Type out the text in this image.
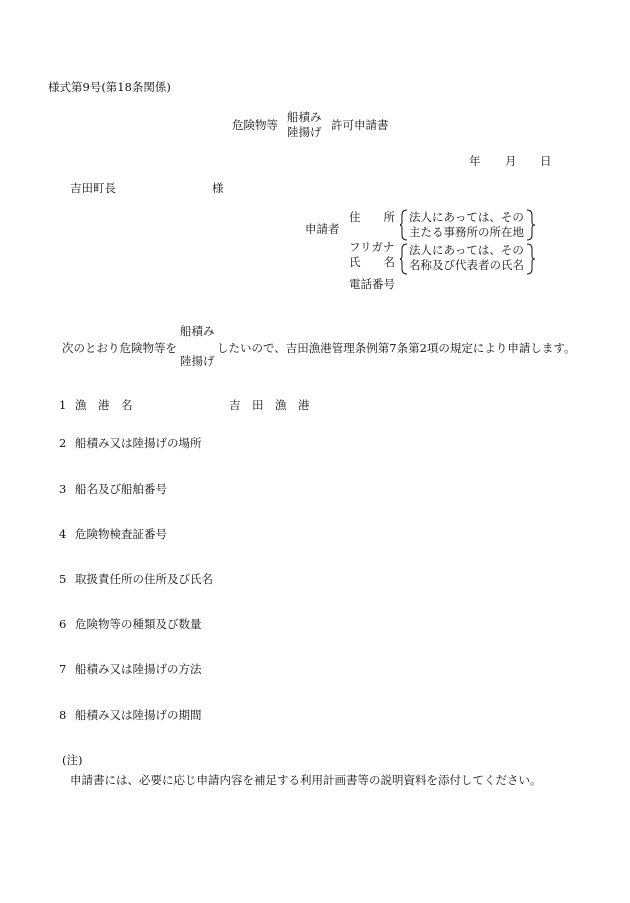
様式第9号(第18条関係)
危険物等
船積み
陸揚げ 許可申請書
年 月 日
吉田町長	様
申請者
住　　所
フリガナ
氏　　名
電話番号
法人にあっては、その
主たる事務所の所在地
法人にあっては、その
名称及び代表者の氏名
次のとおり危険物等を
船積み
陸揚げ
したいので、吉田漁港管理条例第7条第2項の規定により申請します。
1 漁　港　名	吉　田　漁　港
2 船積み又は陸揚げの場所
3 船名及び船舶番号
4 危険物検査証番号
5 取扱責任所の住所及び氏名
6 危険物等の種類及び数量
7 船積み又は陸揚げの方法
8 船積み又は陸揚げの期間
(注)
申請書には、必要に応じ申請内容を補足する利用計画書等の説明資料を添付してください。
